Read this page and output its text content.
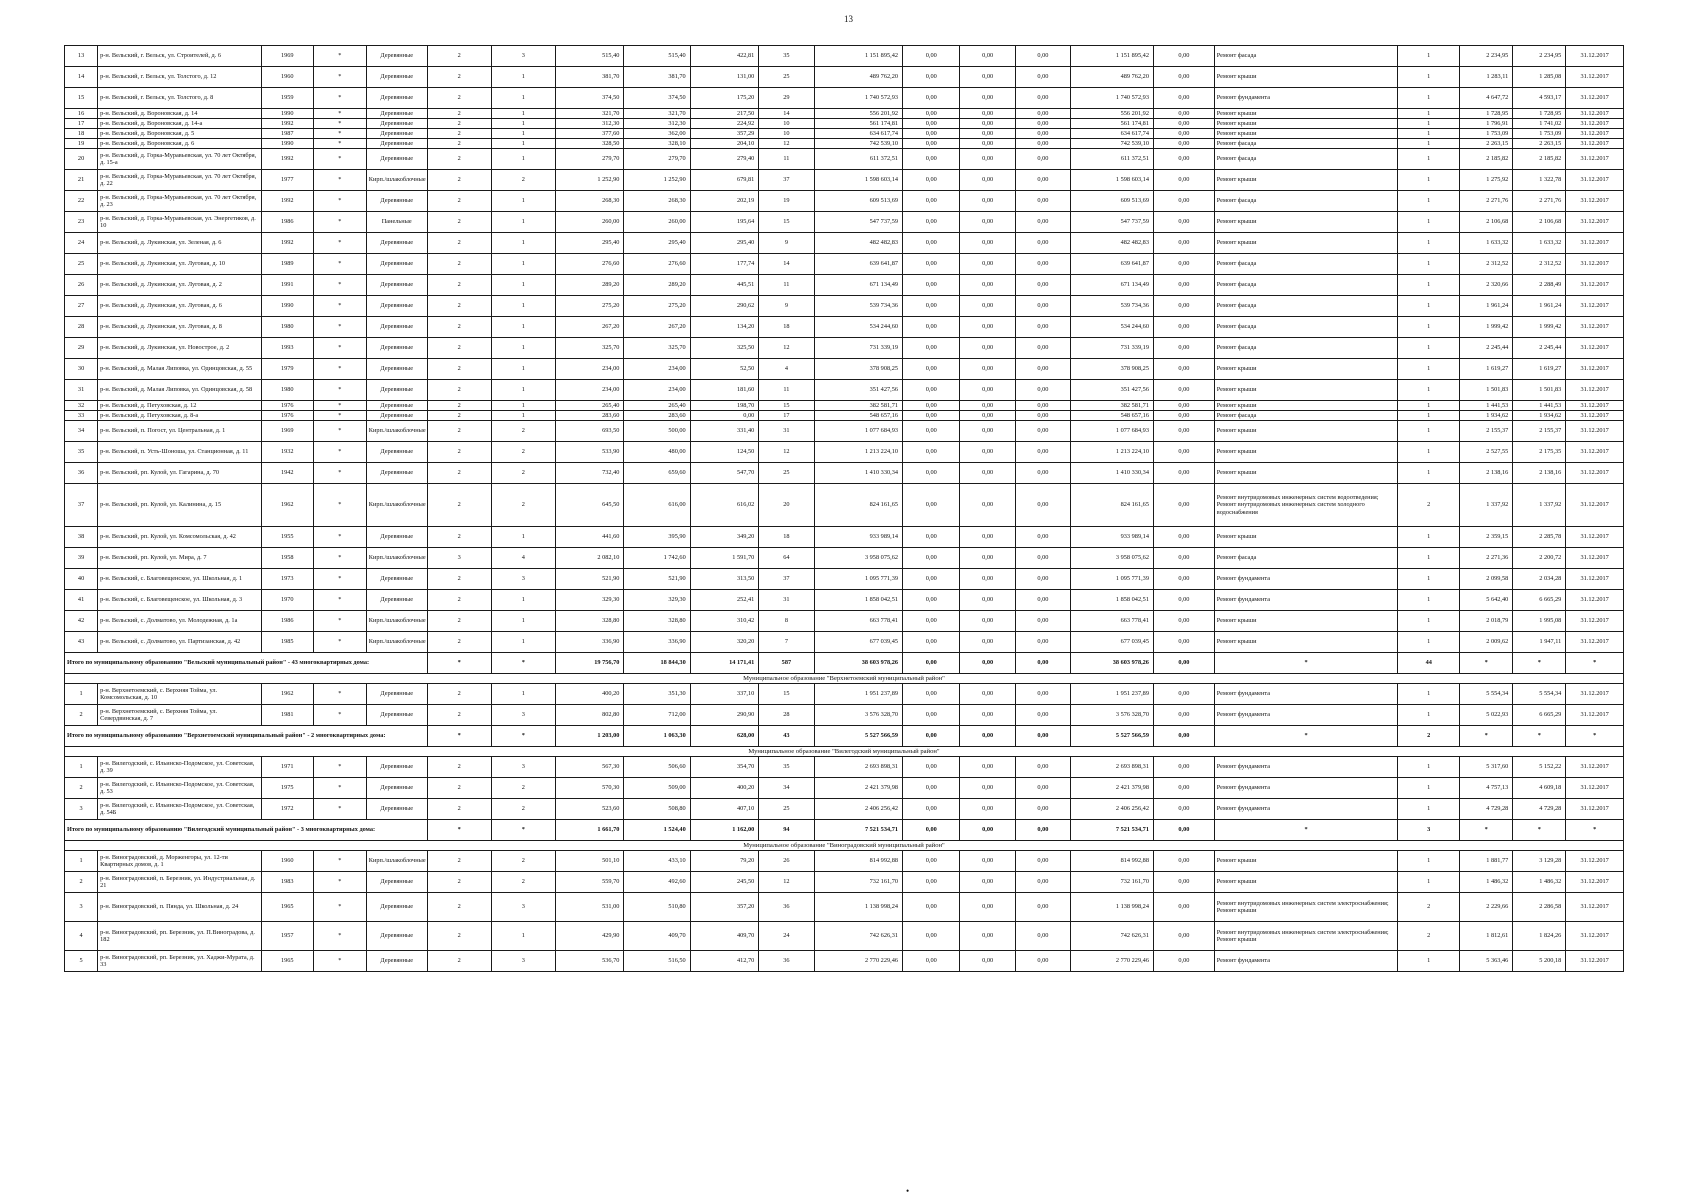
13
13	р-н. Вельский, г. Вельск, ул. Строителей, д. 6	1969	*	Деревянные	2	3	515,40	515,40	422,81	35	1 151 895,42	0,00	0,00	0,00	1 151 895,42	0,00	Ремонт фасада	1	2 234,95	2 234,95	31.12.2017
14	р-н. Вельский, г. Вельск, ул. Толстого, д. 12	1960	*	Деревянные	2	1	381,70	381,70	131,00	25	489 762,20	0,00	0,00	0,00	489 762,20	0,00	Ремонт крыши	1	1 283,11	1 285,08	31.12.2017
15	р-н. Вельский, г. Вельск, ул. Толстого, д. 8	1959	*	Деревянные	2	1	374,50	374,50	175,20	29	1 740 572,93	0,00	0,00	0,00	1 740 572,93	0,00	Ремонт фундамента	1	4 647,72	4 593,17	31.12.2017
16	р-н. Вельский, д. Вороновская, д. 14	1990	*	Деревянные	2	1	321,70	321,70	217,50	14	556 201,92	0,00	0,00	0,00	556 201,92	0,00	Ремонт крыши	1	1 728,95	1 728,95	31.12.2017
17	р-н. Вельский, д. Вороновская, д. 14-а	1992	*	Деревянные	2	1	312,30	312,30	224,92	10	561 174,81	0,00	0,00	0,00	561 174,81	0,00	Ремонт крыши	1	1 796,91	1 741,02	31.12.2017
18	р-н. Вельский, д. Вороновская, д. 5	1987	*	Деревянные	2	1	377,60	362,00	357,29	10	634 617,74	0,00	0,00	0,00	634 617,74	0,00	Ремонт крыши	1	1 753,09	1 753,09	31.12.2017
19	р-н. Вельский, д. Вороновская, д. 6	1990	*	Деревянные	2	1	328,50	328,10	204,10	12	742 539,10	0,00	0,00	0,00	742 539,10	0,00	Ремонт фасада	1	2 263,15	2 263,15	31.12.2017
20	р-н. Вельский, д. Горка-Муравьевская, ул. 70 лет Октября, д. 15-а	1992	*	Деревянные	2	1	279,70	279,70	279,40	11	611 372,51	0,00	0,00	0,00	611 372,51	0,00	Ремонт фасада	1	2 185,82	2 185,82	31.12.2017
21	р-н. Вельский, д. Горка-Муравьевская, ул. 70 лет Октября, д. 22	1977	*	Кирп./шлакоблочные	2	2	1 252,90	1 252,90	679,81	37	1 598 603,14	0,00	0,00	0,00	1 598 603,14	0,00	Ремонт крыши	1	1 275,92	1 322,78	31.12.2017
22	р-н. Вельский, д. Горка-Муравьевская, ул. 70 лет Октября, д. 23	1992	*	Деревянные	2	1	268,30	268,30	202,19	19	609 513,69	0,00	0,00	0,00	609 513,69	0,00	Ремонт фасада	1	2 271,76	2 271,76	31.12.2017
23	р-н. Вельский, д. Горка-Муравьевская, ул. Энергетиков, д. 10	1986	*	Панельные	2	1	260,00	260,00	195,64	15	547 737,59	0,00	0,00	0,00	547 737,59	0,00	Ремонт крыши	1	2 106,68	2 106,68	31.12.2017
24	р-н. Вельский, д. Лукинская, ул. Зеленая, д. 6	1992	*	Деревянные	2	1	295,40	295,40	295,40	9	482 482,83	0,00	0,00	0,00	482 482,83	0,00	Ремонт крыши	1	1 633,32	1 633,32	31.12.2017
25	р-н. Вельский, д. Лукинская, ул. Луговая, д. 10	1989	*	Деревянные	2	1	276,60	276,60	177,74	14	639 641,87	0,00	0,00	0,00	639 641,87	0,00	Ремонт фасада	1	2 312,52	2 312,52	31.12.2017
26	р-н. Вельский, д. Лукинская, ул. Луговая, д. 2	1991	*	Деревянные	2	1	289,20	289,20	445,51	11	671 134,49	0,00	0,00	0,00	671 134,49	0,00	Ремонт фасада	1	2 320,66	2 288,49	31.12.2017
27	р-н. Вельский, д. Лукинская, ул. Луговая, д. 6	1990	*	Деревянные	2	1	275,20	275,20	290,62	9	539 734,36	0,00	0,00	0,00	539 734,36	0,00	Ремонт фасада	1	1 961,24	1 961,24	31.12.2017
28	р-н. Вельский, д. Лукинская, ул. Луговая, д. 8	1980	*	Деревянные	2	1	267,20	267,20	134,20	18	534 244,60	0,00	0,00	0,00	534 244,60	0,00	Ремонт фасада	1	1 999,42	1 999,42	31.12.2017
29	р-н. Вельский, д. Лукинская, ул. Новострое, д. 2	1993	*	Деревянные	2	1	325,70	325,70	325,50	12	731 339,19	0,00	0,00	0,00	731 339,19	0,00	Ремонт фасада	1	2 245,44	2 245,44	31.12.2017
30	р-н. Вельский, д. Малая Липовка, ул. Одинцовская, д. 55	1979	*	Деревянные	2	1	234,00	234,00	52,50	4	378 908,25	0,00	0,00	0,00	378 908,25	0,00	Ремонт крыши	1	1 619,27	1 619,27	31.12.2017
31	р-н. Вельский, д. Малая Липовка, ул. Одинцовская, д. 58	1980	*	Деревянные	2	1	234,00	234,00	181,60	11	351 427,56	0,00	0,00	0,00	351 427,56	0,00	Ремонт крыши	1	1 501,83	1 501,83	31.12.2017
32	р-н. Вельский, д. Петуховская, д. 12	1976	*	Деревянные	2	1	265,40	265,40	198,70	15	382 581,71	0,00	0,00	0,00	382 581,71	0,00	Ремонт крыши	1	1 441,53	1 441,53	31.12.2017
33	р-н. Вельский, д. Петуховская, д. 8-а	1976	*	Деревянные	2	1	283,60	283,60	0,00	17	548 657,16	0,00	0,00	0,00	548 657,16	0,00	Ремонт фасада	1	1 934,62	1 934,62	31.12.2017
34	р-н. Вельский, п. Погост, ул. Центральная, д. 1	1969	*	Кирп./шлакоблочные	2	2	693,50	500,00	331,40	31	1 077 684,93	0,00	0,00	0,00	1 077 684,93	0,00	Ремонт крыши	1	2 155,37	2 155,37	31.12.2017
35	р-н. Вельский, п. Усть-Шоноша, ул. Станционная, д. 11	1932	*	Деревянные	2	2	533,90	480,00	124,50	12	1 213 224,10	0,00	0,00	0,00	1 213 224,10	0,00	Ремонт крыши	1	2 527,55	2 175,35	31.12.2017
36	р-н. Вельский, рп. Кулой, ул. Гагарина, д. 70	1942	*	Деревянные	2	2	732,40	659,60	547,70	25	1 410 330,34	0,00	0,00	0,00	1 410 330,34	0,00	Ремонт крыши	1	2 138,16	2 138,16	31.12.2017
37	р-н. Вельский, рп. Кулой, ул. Калинина, д. 15	1962	*	Кирп./шлакоблочные	2	2	645,50	616,00	616,02	20	824 161,65	0,00	0,00	0,00	824 161,65	0,00	Ремонт внутридомовых инженерных систем водоотведения; Ремонт внутридомовых инженерных систем холодного водоснабжения	2	1 337,92	1 337,92	31.12.2017
38	р-н. Вельский, рп. Кулой, ул. Комсомольская, д. 42	1955	*	Деревянные	2	1	441,60	395,90	349,20	18	933 989,14	0,00	0,00	0,00	933 989,14	0,00	Ремонт крыши	1	2 359,15	2 285,78	31.12.2017
39	р-н. Вельский, рп. Кулой, ул. Мира, д. 7	1958	*	Кирп./шлакоблочные	3	4	2 082,10	1 742,60	1 591,70	64	3 958 075,62	0,00	0,00	0,00	3 958 075,62	0,00	Ремонт фасада	1	2 271,36	2 200,72	31.12.2017
40	р-н. Вельский, с. Благовещенское, ул. Школьная, д. 1	1973	*	Деревянные	2	3	521,90	521,90	313,50	37	1 095 771,39	0,00	0,00	0,00	1 095 771,39	0,00	Ремонт фундамента	1	2 099,58	2 034,28	31.12.2017
41	р-н. Вельский, с. Благовещенское, ул. Школьная, д. 3	1970	*	Деревянные	2	1	329,30	329,30	252,41	31	1 858 042,51	0,00	0,00	0,00	1 858 042,51	0,00	Ремонт фундамента	1	5 642,40	6 665,29	31.12.2017
42	р-н. Вельский, с. Долматово, ул. Молодежная, д. 1а	1986	*	Кирп./шлакоблочные	2	1	328,80	328,80	310,42	8	663 778,41	0,00	0,00	0,00	663 778,41	0,00	Ремонт крыши	1	2 018,79	1 995,08	31.12.2017
43	р-н. Вельский, с. Долматово, ул. Партизанская, д. 42	1985	*	Кирп./шлакоблочные	2	1	336,90	336,90	320,20	7	677 039,45	0,00	0,00	0,00	677 039,45	0,00	Ремонт крыши	1	2 009,62	1 947,11	31.12.2017
Итого по муниципальному образованию "Вельский муниципальный район" - 43 многоквартирных дома:					*	*	19 756,70	18 844,30	14 171,41	587	38 603 978,26	0,00	0,00	0,00	38 603 978,26	0,00	*	44	*	*	*
Муниципальное образование "Верхнетоемский муниципальный район"																					
1	р-н. Верхнетоемский, с. Верхняя Тойма, ул. Комсомольская, д. 10	1962	*	Деревянные	2	1	400,20	351,30	337,10	15	1 951 237,89	0,00	0,00	0,00	1 951 237,89	0,00	Ремонт фундамента	1	5 554,34	5 554,34	31.12.2017
2	р-н. Верхнетоемский, с. Верхняя Тойма, ул. Севердвинская, д. 7	1981	*	Деревянные	2	3	802,80	712,00	290,90	28	3 576 328,70	0,00	0,00	0,00	3 576 328,70	0,00	Ремонт фундамента	1	5 022,93	6 665,29	31.12.2017
Итого по муниципальному образованию "Верхнетоемский муниципальный район" - 2 многоквартирных дома:					*	*	1 203,00	1 063,30	628,00	43	5 527 566,59	0,00	0,00	0,00	5 527 566,59	0,00	*	2	*	*	*
Муниципальное образование "Вилегодский муниципальный район"																					
1	р-н. Вилегодский, с. Ильинско-Подомское, ул. Советская, д. 39	1971	*	Деревянные	2	3	567,30	506,60	354,70	35	2 693 898,31	0,00	0,00	0,00	2 693 898,31	0,00	Ремонт фундамента	1	5 317,60	5 152,22	31.12.2017
2	р-н. Вилегодский, с. Ильинско-Подомское, ул. Советская, д. 53	1975	*	Деревянные	2	2	570,30	509,00	400,20	34	2 421 379,98	0,00	0,00	0,00	2 421 379,98	0,00	Ремонт фундамента	1	4 757,13	4 609,18	31.12.2017
3	р-н. Вилегодский, с. Ильинско-Подомское, ул. Советская, д. 54Б	1972	*	Деревянные	2	2	523,60	508,80	407,10	25	2 406 256,42	0,00	0,00	0,00	2 406 256,42	0,00	Ремонт фундамента	1	4 729,28	4 729,28	31.12.2017
Итого по муниципальному образованию "Вилегодский муниципальный район" - 3 многоквартирных дома:					*	*	1 661,70	1 524,40	1 162,00	94	7 521 534,71	0,00	0,00	0,00	7 521 534,71	0,00	*	3	*	*	*
Муниципальное образование "Виноградовский муниципальный район"																					
1	р-н. Виноградовский, д. Морженгоры, ул. 12-ти Квартирных домов, д. 1	1960	*	Кирп./шлакоблочные	2	2	501,10	433,10	79,20	26	814 992,88	0,00	0,00	0,00	814 992,88	0,00	Ремонт крыши	1	1 881,77	3 129,28	31.12.2017
2	р-н. Виноградовский, п. Березник, ул. Индустриальная, д. 21	1983	*	Деревянные	2	2	559,70	492,60	245,50	12	732 161,70	0,00	0,00	0,00	732 161,70	0,00	Ремонт крыши	1	1 486,32	1 486,32	31.12.2017
3	р-н. Виноградовский, п. Пянда, ул. Школьная, д. 24	1965	*	Деревянные	2	3	531,00	510,80	357,20	36	1 138 998,24	0,00	0,00	0,00	1 138 998,24	0,00	Ремонт внутридомовых инженерных систем электроснабжения; Ремонт крыши	2	2 229,66	2 286,58	31.12.2017
4	р-н. Виноградовский, рп. Березник, ул. П.Виноградова, д. 182	1957	*	Деревянные	2	1	429,90	409,70	409,70	24	742 626,31	0,00	0,00	0,00	742 626,31	0,00	Ремонт внутридомовых инженерных систем электроснабжения; Ремонт крыши	2	1 812,61	1 824,26	31.12.2017
5	р-н. Виноградовский, рп. Березник, ул. Хаджи-Мурата, д. 33	1965	*	Деревянные	2	3	536,70	516,50	412,70	36	2 770 229,46	0,00	0,00	0,00	2 770 229,46	0,00	Ремонт фундамента	1	5 363,46	5 200,18	31.12.2017
•
